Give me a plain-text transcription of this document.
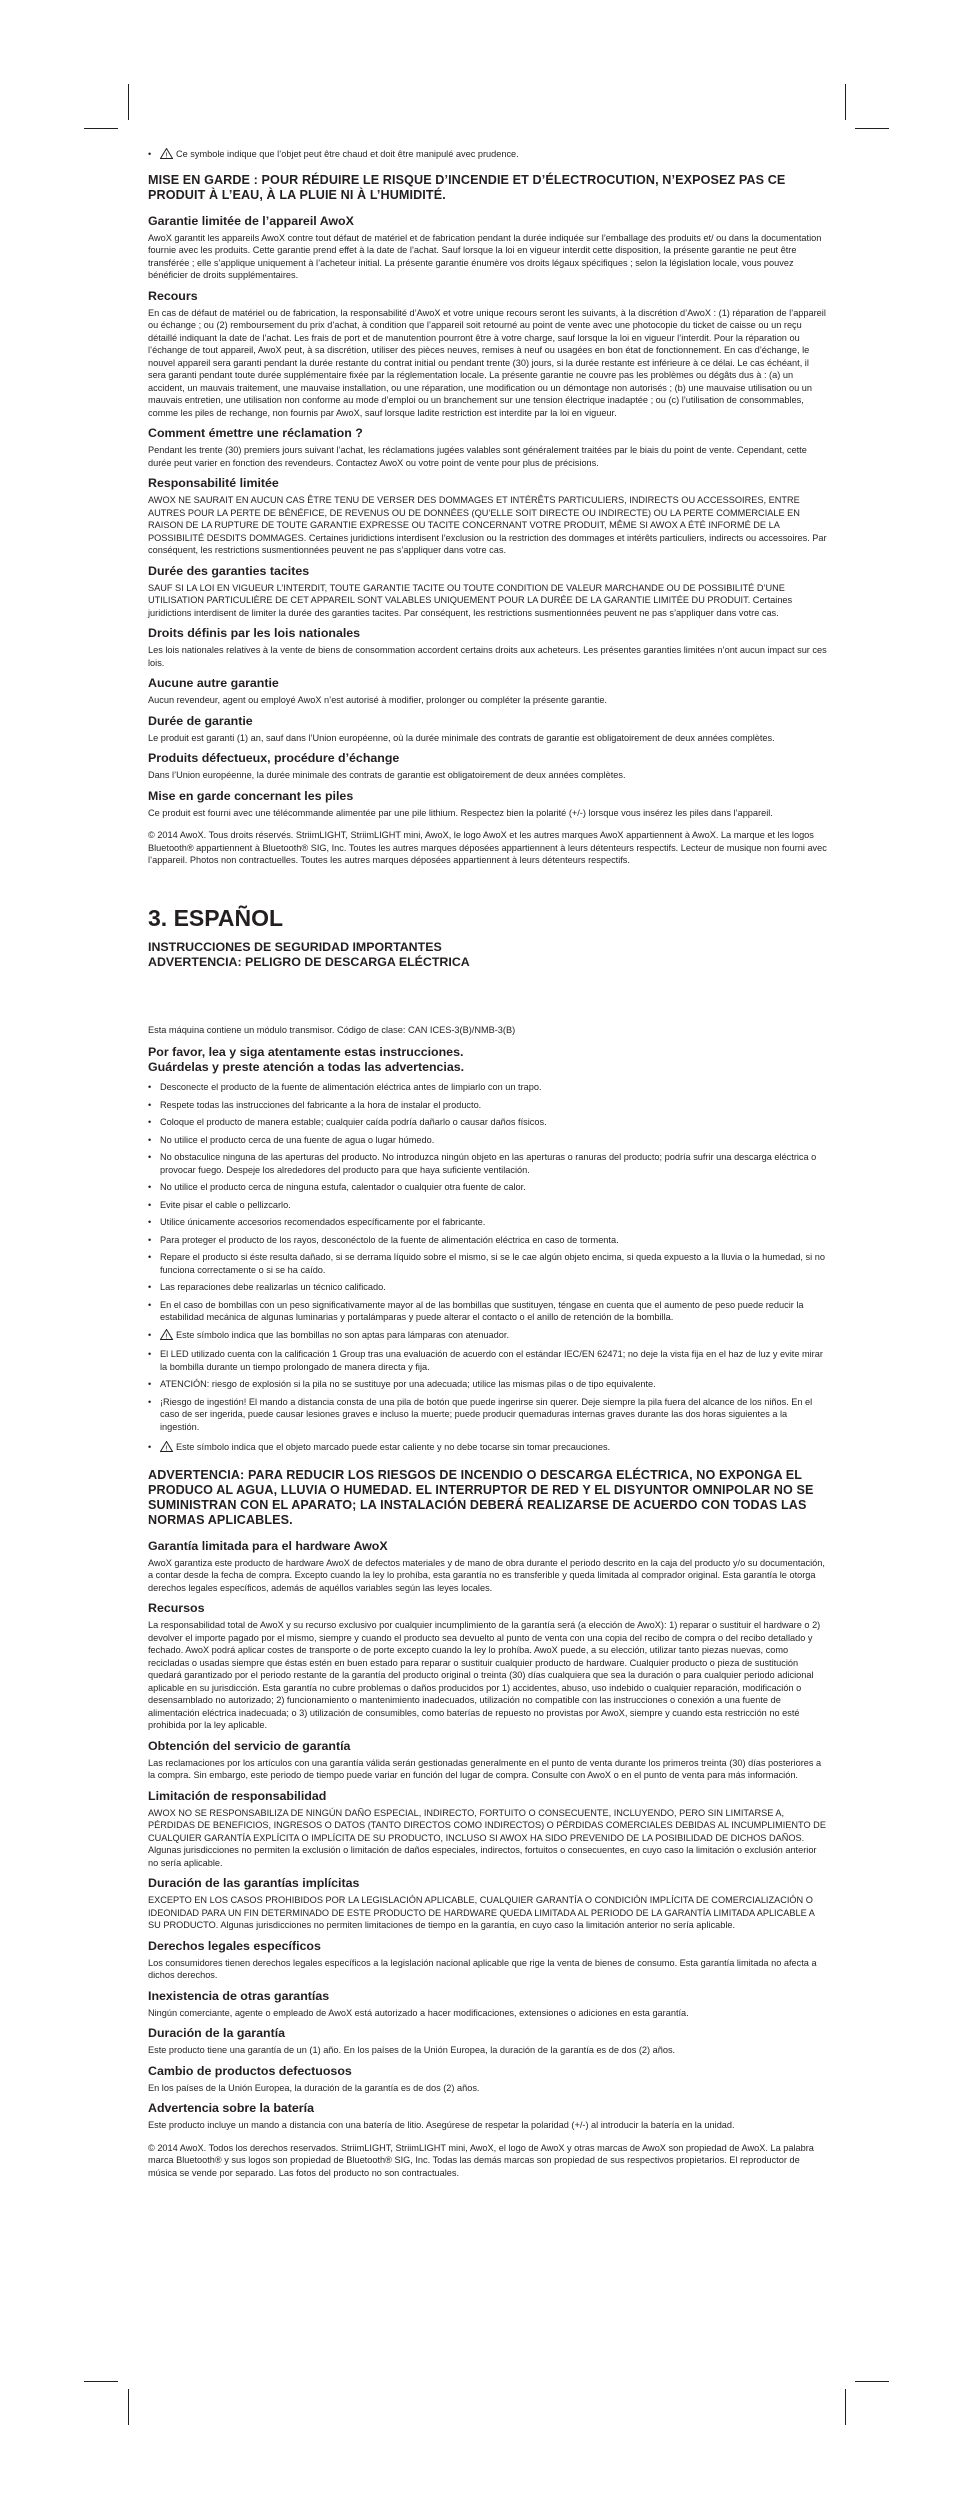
• ! Ce symbole indique que l’objet peut être chaud et doit être manipulé avec prudence.

MISE EN GARDE : POUR RÉDUIRE LE RISQUE D’INCENDIE ET D’ÉLECTROCUTION, N’EXPOSEZ PAS CE PRODUIT À L’EAU, À LA PLUIE NI À L’HUMIDITÉ.

Garantie limitée de l’appareil AwoX

AwoX garantit les appareils AwoX contre tout défaut de matériel et de fabrication pendant la durée indiquée sur l’emballage des produits et/ ou dans la documentation fournie avec les produits. Cette garantie prend effet à la date de l’achat. Sauf lorsque la loi en vigueur interdit cette disposition, la présente garantie ne peut être transférée ; elle s’applique uniquement à l’acheteur initial. La présente garantie énumère vos droits légaux spécifiques ; selon la législation locale, vous pouvez bénéficier de droits supplémentaires.

Recours

En cas de défaut de matériel ou de fabrication, la responsabilité d’AwoX et votre unique recours seront les suivants, à la discrétion d’AwoX : (1) réparation de l’appareil ou échange ; ou (2) remboursement du prix d’achat, à condition que l’appareil soit retourné au point de vente avec une photocopie du ticket de caisse ou un reçu détaillé indiquant la date de l’achat. Les frais de port et de manutention pourront être à votre charge, sauf lorsque la loi en vigueur l’interdit. Pour la réparation ou l’échange de tout appareil, AwoX peut, à sa discrétion, utiliser des pièces neuves, remises à neuf ou usagées en bon état de fonctionnement. En cas d’échange, le nouvel appareil sera garanti pendant la durée restante du contrat initial ou pendant trente (30) jours, si la durée restante est inférieure à ce délai. Le cas échéant, il sera garanti pendant toute durée supplémentaire fixée par la réglementation locale. La présente garantie ne couvre pas les problèmes ou dégâts dus à : (a) un accident, un mauvais traitement, une mauvaise installation, ou une réparation, une modification ou un démontage non autorisés ; (b) une mauvaise utilisation ou un mauvais entretien, une utilisation non conforme au mode d’emploi ou un branchement sur une tension électrique inadaptée ; ou (c) l’utilisation de consommables, comme les piles de rechange, non fournis par AwoX, sauf lorsque ladite restriction est interdite par la loi en vigueur.

Comment émettre une réclamation ?

Pendant les trente (30) premiers jours suivant l’achat, les réclamations jugées valables sont généralement traitées par le biais du point de vente. Cependant, cette durée peut varier en fonction des revendeurs. Contactez AwoX ou votre point de vente pour plus de précisions.

Responsabilité limitée

AWOX NE SAURAIT EN AUCUN CAS ÊTRE TENU DE VERSER DES DOMMAGES ET INTÉRÊTS PARTICULIERS, INDIRECTS OU ACCESSOIRES, ENTRE AUTRES POUR LA PERTE DE BÉNÉFICE, DE REVENUS OU DE DONNÉES (QU’ELLE SOIT DIRECTE OU INDIRECTE) OU LA PERTE COMMERCIALE EN RAISON DE LA RUPTURE DE TOUTE GARANTIE EXPRESSE OU TACITE CONCERNANT VOTRE PRODUIT, MÊME SI AWOX A ÉTÉ INFORMÉ DE LA POSSIBILITÉ DESDITS DOMMAGES. Certaines juridictions interdisent l’exclusion ou la restriction des dommages et intérêts particuliers, indirects ou accessoires. Par conséquent, les restrictions susmentionnées peuvent ne pas s’appliquer dans votre cas.

Durée des garanties tacites

SAUF SI LA LOI EN VIGUEUR L’INTERDIT, TOUTE GARANTIE TACITE OU TOUTE CONDITION DE VALEUR MARCHANDE OU DE POSSIBILITÉ D’UNE UTILISATION PARTICULIÈRE DE CET APPAREIL SONT VALABLES UNIQUEMENT POUR LA DURÉE DE LA GARANTIE LIMITÉE DU PRODUIT. Certaines juridictions interdisent de limiter la durée des garanties tacites. Par conséquent, les restrictions susmentionnées peuvent ne pas s’appliquer dans votre cas.

Droits définis par les lois nationales

Les lois nationales relatives à la vente de biens de consommation accordent certains droits aux acheteurs. Les présentes garanties limitées n’ont aucun impact sur ces lois.

Aucune autre garantie

Aucun revendeur, agent ou employé AwoX n’est autorisé à modifier, prolonger ou compléter la présente garantie.

Durée de garantie

Le produit est garanti (1) an, sauf dans l’Union européenne, où la durée minimale des contrats de garantie est obligatoirement de deux années complètes.

Produits défectueux, procédure d’échange

Dans l’Union européenne, la durée minimale des contrats de garantie est obligatoirement de deux années complètes.

Mise en garde concernant les piles

Ce produit est fourni avec une télécommande alimentée par une pile lithium. Respectez bien la polarité (+/-) lorsque vous insérez les piles dans l’appareil.

© 2014 AwoX. Tous droits réservés. StriimLIGHT, StriimLIGHT mini, AwoX, le logo AwoX et les autres marques AwoX appartiennent à AwoX. La marque et les logos Bluetooth® appartiennent à Bluetooth® SIG, Inc. Toutes les autres marques déposées appartiennent à leurs détenteurs respectifs. Lecteur de musique non fourni avec l’appareil. Photos non contractuelles. Toutes les autres marques déposées appartiennent à leurs détenteurs respectifs.

3. ESPAÑOL

INSTRUCCIONES DE SEGURIDAD IMPORTANTES

ADVERTENCIA: PELIGRO DE DESCARGA ELÉCTRICA

Esta máquina contiene un módulo transmisor. Código de clase: CAN ICES-3(B)/NMB-3(B)

Por favor, lea y siga atentamente estas instrucciones.

Guárdelas y preste atención a todas las advertencias.

• Desconecte el producto de la fuente de alimentación eléctrica antes de limpiarlo con un trapo.
• Respete todas las instrucciones del fabricante a la hora de instalar el producto.
• Coloque el producto de manera estable; cualquier caída podría dañarlo o causar daños físicos.
• No utilice el producto cerca de una fuente de agua o lugar húmedo.
• No obstaculice ninguna de las aperturas del producto. No introduzca ningún objeto en las aperturas o ranuras del producto; podría sufrir una descarga eléctrica o provocar fuego. Despeje los alrededores del producto para que haya suficiente ventilación.
• No utilice el producto cerca de ninguna estufa, calentador o cualquier otra fuente de calor.
• Evite pisar el cable o pellizcarlo.
• Utilice únicamente accesorios recomendados específicamente por el fabricante.
• Para proteger el producto de los rayos, desconéctolo de la fuente de alimentación eléctrica en caso de tormenta.
• Repare el producto si éste resulta dañado, si se derrama líquido sobre el mismo, si se le cae algún objeto encima, si queda expuesto a la lluvia o la humedad, si no funciona correctamente o si se ha caído.
• Las reparaciones debe realizarlas un técnico calificado.
• En el caso de bombillas con un peso significativamente mayor al de las bombillas que sustituyen, téngase en cuenta que el aumento de peso puede reducir la estabilidad mecánica de algunas luminarias y portalámparas y puede alterar el contacto o el anillo de retención de la bombilla.
• ! Este símbolo indica que las bombillas no son aptas para lámparas con atenuador.
• El LED utilizado cuenta con la calificación 1 Group tras una evaluación de acuerdo con el estándar IEC/EN 62471; no deje la vista fija en el haz de luz y evite mirar la bombilla durante un tiempo prolongado de manera directa y fija.
• ATENCIÓN: riesgo de explosión si la pila no se sustituye por una adecuada; utilice las mismas pilas o de tipo equivalente.
• ¡Riesgo de ingestión! El mando a distancia consta de una pila de botón que puede ingerirse sin querer. Deje siempre la pila fuera del alcance de los niños. En el caso de ser ingerida, puede causar lesiones graves e incluso la muerte; puede producir quemaduras internas graves durante las dos horas siguientes a la ingestión.
• ! Este símbolo indica que el objeto marcado puede estar caliente y no debe tocarse sin tomar precauciones.

ADVERTENCIA: PARA REDUCIR LOS RIESGOS DE INCENDIO O DESCARGA ELÉCTRICA, NO EXPONGA EL PRODUCO AL AGUA, LLUVIA O HUMEDAD. EL INTERRUPTOR DE RED Y EL DISYUNTOR OMNIPOLAR NO SE SUMINISTRAN CON EL APARATO; LA INSTALACIÓN DEBERÁ REALIZARSE DE ACUERDO CON TODAS LAS NORMAS APLICABLES.

Garantía limitada para el hardware AwoX

AwoX garantiza este producto de hardware AwoX de defectos materiales y de mano de obra durante el periodo descrito en la caja del producto y/o su documentación, a contar desde la fecha de compra. Excepto cuando la ley lo prohíba, esta garantía no es transferible y queda limitada al comprador original. Esta garantía le otorga derechos legales específicos, además de aquéllos variables según las leyes locales.

Recursos

La responsabilidad total de AwoX y su recurso exclusivo por cualquier incumplimiento de la garantía será (a elección de AwoX): 1) reparar o sustituir el hardware o 2) devolver el importe pagado por el mismo, siempre y cuando el producto sea devuelto al punto de venta con una copia del recibo de compra o del recibo detallado y fechado. AwoX podrá aplicar costes de transporte o de porte excepto cuando la ley lo prohíba. AwoX puede, a su elección, utilizar tanto piezas nuevas, como recicladas o usadas siempre que éstas estén en buen estado para reparar o sustituir cualquier producto de hardware. Cualquier producto o pieza de sustitución quedará garantizado por el periodo restante de la garantía del producto original o treinta (30) días cualquiera que sea la duración o para cualquier periodo adicional aplicable en su jurisdicción. Esta garantía no cubre problemas o daños producidos por 1) accidentes, abuso, uso indebido o cualquier reparación, modificación o desensamblado no autorizado; 2) funcionamiento o mantenimiento inadecuados, utilización no compatible con las instrucciones o conexión a una fuente de alimentación eléctrica inadecuada; o 3) utilización de consumibles, como baterías de repuesto no provistas por AwoX, siempre y cuando esta restricción no esté prohibida por la ley aplicable.

Obtención del servicio de garantía

Las reclamaciones por los artículos con una garantía válida serán gestionadas generalmente en el punto de venta durante los primeros treinta (30) días posteriores a la compra. Sin embargo, este periodo de tiempo puede variar en función del lugar de compra. Consulte con AwoX o en el punto de venta para más información.

Limitación de responsabilidad

AWOX NO SE RESPONSABILIZA DE NINGÚN DAÑO ESPECIAL, INDIRECTO, FORTUITO O CONSECUENTE, INCLUYENDO, PERO SIN LIMITARSE A, PÉRDIDAS DE BENEFICIOS, INGRESOS O DATOS (TANTO DIRECTOS COMO INDIRECTOS) O PÉRDIDAS COMERCIALES DEBIDAS AL INCUMPLIMIENTO DE CUALQUIER GARANTÍA EXPLÍCITA O IMPLÍCITA DE SU PRODUCTO, INCLUSO SI AWOX HA SIDO PREVENIDO DE LA POSIBILIDAD DE DICHOS DAÑOS. Algunas jurisdicciones no permiten la exclusión o limitación de daños especiales, indirectos, fortuitos o consecuentes, en cuyo caso la limitación o exclusión anterior no sería aplicable.

Duración de las garantías implícitas

EXCEPTO EN LOS CASOS PROHIBIDOS POR LA LEGISLACIÓN APLICABLE, CUALQUIER GARANTÍA O CONDICIÓN IMPLÍCITA DE COMERCIALIZACIÓN O IDEONIDAD PARA UN FIN DETERMINADO DE ESTE PRODUCTO DE HARDWARE QUEDA LIMITADA AL PERIODO DE LA GARANTÍA LIMITADA APLICABLE A SU PRODUCTO. Algunas jurisdicciones no permiten limitaciones de tiempo en la garantía, en cuyo caso la limitación anterior no sería aplicable.

Derechos legales específicos

Los consumidores tienen derechos legales específicos a la legislación nacional aplicable que rige la venta de bienes de consumo. Esta garantía limitada no afecta a dichos derechos.

Inexistencia de otras garantías

Ningún comerciante, agente o empleado de AwoX está autorizado a hacer modificaciones, extensiones o adiciones en esta garantía.

Duración de la garantía

Este producto tiene una garantía de un (1) año. En los países de la Unión Europea, la duración de la garantía es de dos (2) años.

Cambio de productos defectuosos

En los países de la Unión Europea, la duración de la garantía es de dos (2) años.

Advertencia sobre la batería

Este producto incluye un mando a distancia con una batería de litio. Asegúrese de respetar la polaridad (+/-) al introducir la batería en la unidad.

© 2014 AwoX. Todos los derechos reservados. StriimLIGHT, StriimLIGHT mini, AwoX, el logo de AwoX y otras marcas de AwoX son propiedad de AwoX. La palabra marca Bluetooth® y sus logos son propiedad de Bluetooth® SIG, Inc. Todas las demás marcas son propiedad de sus respectivos propietarios. El reproductor de música se vende por separado. Las fotos del producto no son contractuales.
